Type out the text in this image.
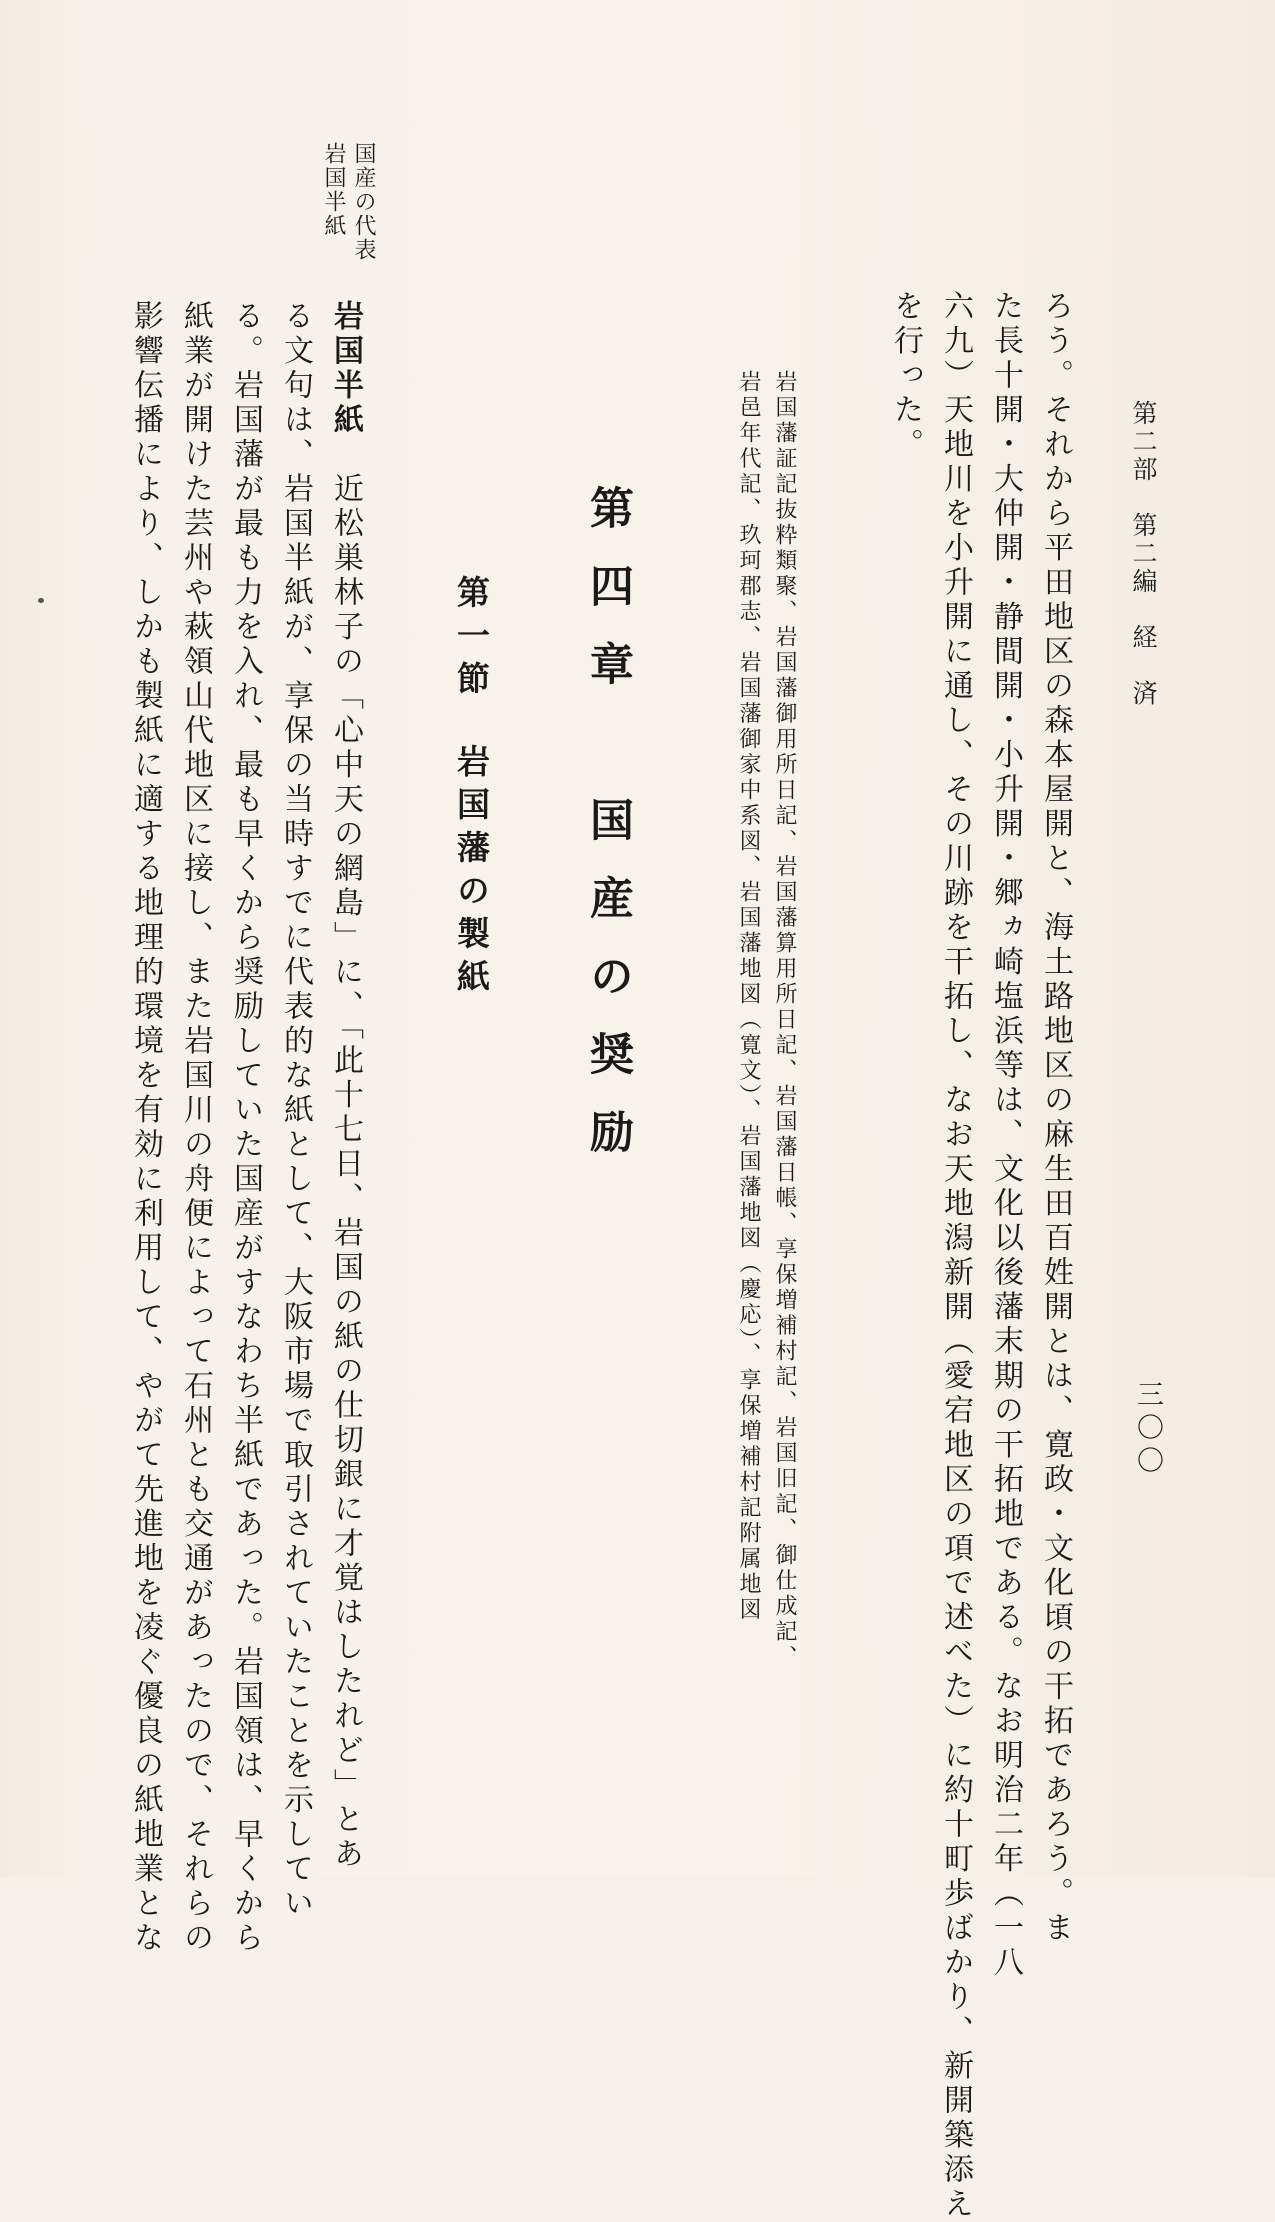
第二部　第二編　経　済
三〇〇
ろう。それから平田地区の森本屋開と、海土路地区の麻生田百姓開とは、寛政・文化頃の干拓であろう。ま
た長十開・大仲開・静間開・小升開・郷ヵ崎塩浜等は、文化以後藩末期の干拓地である。なお明治二年（一八
六九）天地川を小升開に通し、その川跡を干拓し、なお天地潟新開（愛宕地区の項で述べた）に約十町歩ばかり、新開築添え
を行った。
岩国藩証記抜粋類聚、岩国藩御用所日記、岩国藩算用所日記、岩国藩日帳、享保増補村記、岩国旧記、御仕成記、
岩邑年代記、玖珂郡志、岩国藩御家中系図、岩国藩地図（寛文）、岩国藩地図（慶応）、享保増補村記附属地図
第四章　国産の奨励
第一節岩国藩の製紙
国産の代表
岩国半紙
岩国半紙　近松巣林子の「心中天の網島」に、「此十七日、岩国の紙の仕切銀に才覚はしたれど」とあ
る文句は、岩国半紙が、享保の当時すでに代表的な紙として、大阪市場で取引されていたことを示してい
る。岩国藩が最も力を入れ、最も早くから奨励していた国産がすなわち半紙であった。岩国領は、早くから
紙業が開けた芸州や萩領山代地区に接し、また岩国川の舟便によって石州とも交通があったので、それらの
影響伝播により、しかも製紙に適する地理的環境を有効に利用して、やがて先進地を凌ぐ優良の紙地業とな
